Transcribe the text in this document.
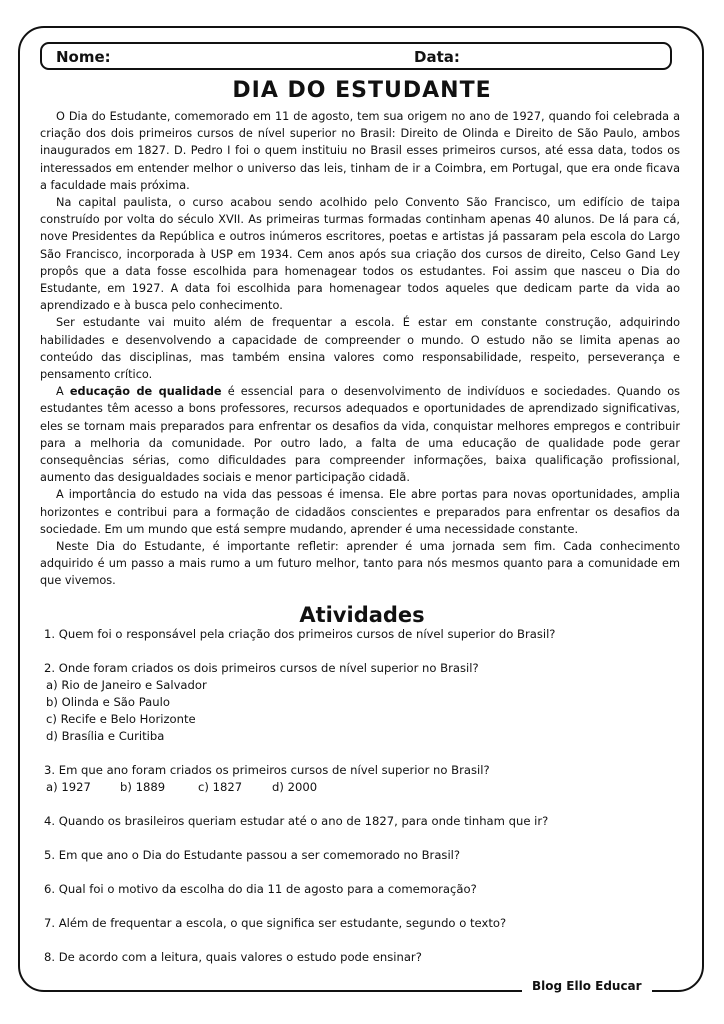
Nome:	Data:
DIA DO ESTUDANTE

O Dia do Estudante, comemorado em 11 de agosto, tem sua origem no ano de 1927, quando foi celebrada a criação dos dois primeiros cursos de nível superior no Brasil: Direito de Olinda e Direito de São Paulo, ambos inaugurados em 1827. D. Pedro I foi o quem instituiu no Brasil esses primeiros cursos, até essa data, todos os interessados em entender melhor o universo das leis, tinham de ir a Coimbra, em Portugal, que era onde ficava a faculdade mais próxima.

Na capital paulista, o curso acabou sendo acolhido pelo Convento São Francisco, um edifício de taipa construído por volta do século XVII. As primeiras turmas formadas continham apenas 40 alunos. De lá para cá, nove Presidentes da República e outros inúmeros escritores, poetas e artistas já passaram pela escola do Largo São Francisco, incorporada à USP em 1934. Cem anos após sua criação dos cursos de direito, Celso Gand Ley propôs que a data fosse escolhida para homenagear todos os estudantes. Foi assim que nasceu o Dia do Estudante, em 1927. A data foi escolhida para homenagear todos aqueles que dedicam parte da vida ao aprendizado e à busca pelo conhecimento.

Ser estudante vai muito além de frequentar a escola. É estar em constante construção, adquirindo habilidades e desenvolvendo a capacidade de compreender o mundo. O estudo não se limita apenas ao conteúdo das disciplinas, mas também ensina valores como responsabilidade, respeito, perseverança e pensamento crítico.

A educação de qualidade é essencial para o desenvolvimento de indivíduos e sociedades. Quando os estudantes têm acesso a bons professores, recursos adequados e oportunidades de aprendizado significativas, eles se tornam mais preparados para enfrentar os desafios da vida, conquistar melhores empregos e contribuir para a melhoria da comunidade. Por outro lado, a falta de uma educação de qualidade pode gerar consequências sérias, como dificuldades para compreender informações, baixa qualificação profissional, aumento das desigualdades sociais e menor participação cidadã.

A importância do estudo na vida das pessoas é imensa. Ele abre portas para novas oportunidades, amplia horizontes e contribui para a formação de cidadãos conscientes e preparados para enfrentar os desafios da sociedade. Em um mundo que está sempre mudando, aprender é uma necessidade constante.

Neste Dia do Estudante, é importante refletir: aprender é uma jornada sem fim. Cada conhecimento adquirido é um passo a mais rumo a um futuro melhor, tanto para nós mesmos quanto para a comunidade em que vivemos.

Atividades

1. Quem foi o responsável pela criação dos primeiros cursos de nível superior do Brasil?

2. Onde foram criados os dois primeiros cursos de nível superior no Brasil?

a) Rio de Janeiro e Salvador

b) Olinda e São Paulo

c) Recife e Belo Horizonte

d) Brasília e Curitiba

3. Em que ano foram criados os primeiros cursos de nível superior no Brasil?

a) 1927	b) 1889	c) 1827	d) 2000

4. Quando os brasileiros queriam estudar até o ano de 1827, para onde tinham que ir?

5. Em que ano o Dia do Estudante passou a ser comemorado no Brasil?

6. Qual foi o motivo da escolha do dia 11 de agosto para a comemoração?

7. Além de frequentar a escola, o que significa ser estudante, segundo o texto?

8. De acordo com a leitura, quais valores o estudo pode ensinar?

Blog Ello Educar
